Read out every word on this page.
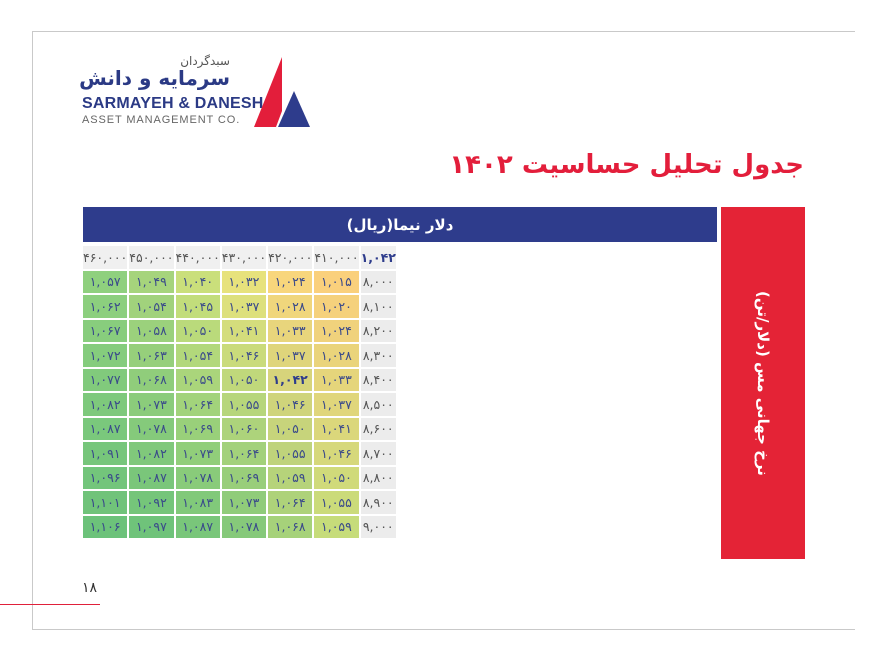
سبدگردان
سرمایه و دانش
SARMAYEH & DANESH
ASSET MANAGEMENT CO.
جدول تحلیل حساسیت ۱۴۰۲
دلار نیما(ریال)
نرخ جهانی مس (دلار/تن)
۴۶۰,۰۰۰	۴۵۰,۰۰۰	۴۴۰,۰۰۰	۴۳۰,۰۰۰	۴۲۰,۰۰۰	۴۱۰,۰۰۰	۱,۰۴۲
۱,۰۵۷	۱,۰۴۹	۱,۰۴۰	۱,۰۳۲	۱,۰۲۴	۱,۰۱۵	۸,۰۰۰
۱,۰۶۲	۱,۰۵۴	۱,۰۴۵	۱,۰۳۷	۱,۰۲۸	۱,۰۲۰	۸,۱۰۰
۱,۰۶۷	۱,۰۵۸	۱,۰۵۰	۱,۰۴۱	۱,۰۳۳	۱,۰۲۴	۸,۲۰۰
۱,۰۷۲	۱,۰۶۳	۱,۰۵۴	۱,۰۴۶	۱,۰۳۷	۱,۰۲۸	۸,۳۰۰
۱,۰۷۷	۱,۰۶۸	۱,۰۵۹	۱,۰۵۰	۱,۰۴۲	۱,۰۳۳	۸,۴۰۰
۱,۰۸۲	۱,۰۷۳	۱,۰۶۴	۱,۰۵۵	۱,۰۴۶	۱,۰۳۷	۸,۵۰۰
۱,۰۸۷	۱,۰۷۸	۱,۰۶۹	۱,۰۶۰	۱,۰۵۰	۱,۰۴۱	۸,۶۰۰
۱,۰۹۱	۱,۰۸۲	۱,۰۷۳	۱,۰۶۴	۱,۰۵۵	۱,۰۴۶	۸,۷۰۰
۱,۰۹۶	۱,۰۸۷	۱,۰۷۸	۱,۰۶۹	۱,۰۵۹	۱,۰۵۰	۸,۸۰۰
۱,۱۰۱	۱,۰۹۲	۱,۰۸۳	۱,۰۷۳	۱,۰۶۴	۱,۰۵۵	۸,۹۰۰
۱,۱۰۶	۱,۰۹۷	۱,۰۸۷	۱,۰۷۸	۱,۰۶۸	۱,۰۵۹	۹,۰۰۰
۱۸
